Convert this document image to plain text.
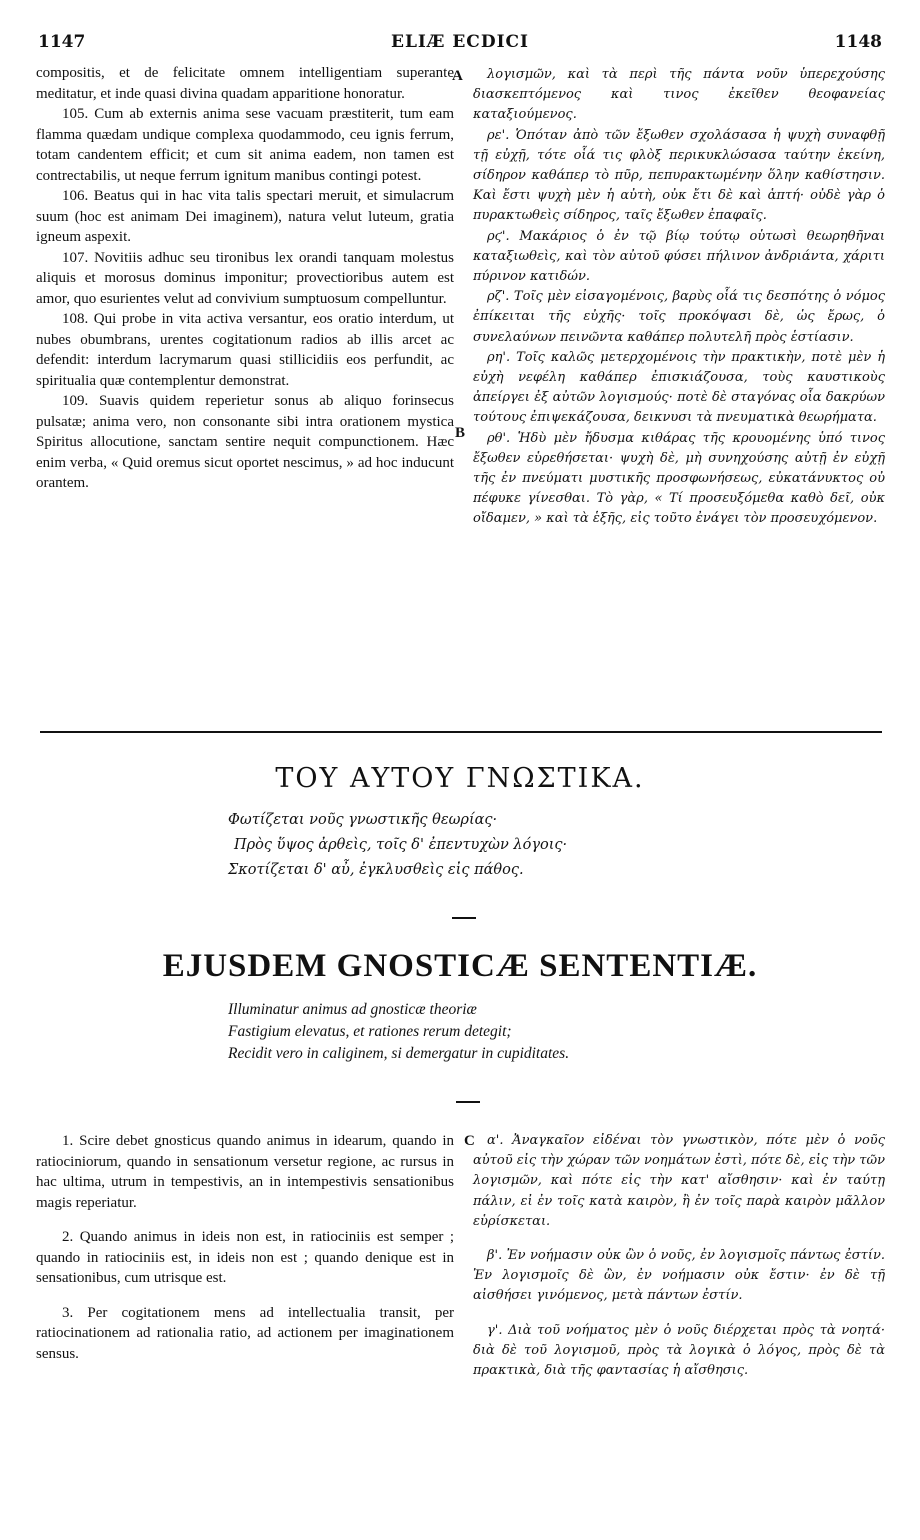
1147	ELIÆ ECDICI	1148

compositis, et de felicitate omnem intelligentiam superante meditatur, et inde quasi divina quadam apparitione honoratur.

105. Cum ab externis anima sese vacuam præstiterit, tum eam flamma quædam undique complexa quodammodo, ceu ignis ferrum, totam candentem efficit; et cum sit anima eadem, non tamen est contrectabilis, ut neque ferrum ignitum manibus contingi potest.

106. Beatus qui in hac vita talis spectari meruit, et simulacrum suum (hoc est animam Dei imaginem), natura velut luteum, gratia igneum aspexit.

107. Novitiis adhuc seu tironibus lex orandi tanquam molestus aliquis et morosus dominus imponitur; provectioribus autem est amor, quo esurientes velut ad convivium sumptuosum compelluntur.

108. Qui probe in vita activa versantur, eos oratio interdum, ut nubes obumbrans, urentes cogitationum radios ab illis arcet ac defendit: interdum lacrymarum quasi stillicidiis eos perfundit, ac spiritualia quæ contemplentur demonstrat.

109. Suavis quidem reperietur sonus ab aliquo forinsecus pulsatæ; anima vero, non consonante sibi intra orationem mystica Spiritus allocutione, sanctam sentire nequit compunctionem. Hæc enim verba, « Quid oremus sicut oportet nescimus, » ad hoc inducunt orantem.

A
B

λογισμῶν, καὶ τὰ περὶ τῆς πάντα νοῦν ὑπερεχούσης διασκεπτόμενος καὶ τινος ἐκεῖθεν θεοφανείας καταξιούμενος.

ρε'. Ὁπόταν ἀπὸ τῶν ἔξωθεν σχολάσασα ἡ ψυχὴ συναφθῇ τῇ εὐχῇ, τότε οἷά τις φλὸξ περικυκλώσασα ταύτην ἐκείνη, σίδηρον καθάπερ τὸ πῦρ, πεπυρακτωμένην ὅλην καθίστησιν. Καὶ ἔστι ψυχὴ μὲν ἡ αὐτὴ, οὐκ ἔτι δὲ καὶ ἁπτή· οὐδὲ γὰρ ὁ πυρακτωθεὶς σίδηρος, ταῖς ἔξωθεν ἐπαφαῖς.

ρϛ'. Μακάριος ὁ ἐν τῷ βίῳ τούτῳ οὑτωσὶ θεωρηθῆναι καταξιωθεὶς, καὶ τὸν αὐτοῦ φύσει πήλινον ἀνδριάντα, χάριτι πύρινον κατιδών.

ρζ'. Τοῖς μὲν εἰσαγομένοις, βαρὺς οἷά τις δεσπότης ὁ νόμος ἐπίκειται τῆς εὐχῆς· τοῖς προκόψασι δὲ, ὡς ἔρως, ὁ συνελαύνων πεινῶντα καθάπερ πολυτελῆ πρὸς ἑστίασιν.

ρη'. Τοῖς καλῶς μετερχομένοις τὴν πρακτικὴν, ποτὲ μὲν ἡ εὐχὴ νεφέλη καθάπερ ἐπισκιάζουσα, τοὺς καυστικοὺς ἀπείργει ἐξ αὐτῶν λογισμούς· ποτὲ δὲ σταγόνας οἷα δακρύων τούτους ἐπιψεκάζουσα, δεικνυσι τὰ πνευματικὰ θεωρήματα.

ρθ'. Ἡδὺ μὲν ἤδυσμα κιθάρας τῆς κρουομένης ὑπό τινος ἔξωθεν εὑρεθήσεται· ψυχὴ δὲ, μὴ συνηχούσης αὐτῇ ἐν εὐχῇ τῆς ἐν πνεύματι μυστικῆς προσφωνήσεως, εὐκατάνυκτος οὐ πέφυκε γίνεσθαι. Τὸ γὰρ, « Τί προσευξόμεθα καθὸ δεῖ, οὐκ οἴδαμεν, » καὶ τὰ ἑξῆς, εἰς τοῦτο ἐνάγει τὸν προσευχόμενον.

ΤΟΥ ΑΥΤΟΥ ΓΝΩΣΤΙΚΑ.
Φωτίζεται νοῦς γνωστικῆς θεωρίας·
Πρὸς ὕψος ἀρθεὶς, τοῖς δ' ἐπεντυχὼν λόγοις·
Σκοτίζεται δ' αὖ, ἐγκλυσθεὶς εἰς πάθος.
EJUSDEM GNOSTICÆ SENTENTIÆ.
Illuminatur animus ad gnosticæ theoriæ
Fastigium elevatus, et rationes rerum detegit;
Recidit vero in caliginem, si demergatur in cupiditates.

1. Scire debet gnosticus quando animus in idearum, quando in ratiociniorum, quando in sensationum versetur regione, ac rursus in hac ultima, utrum in tempestivis, an in intempestivis sensationibus magis reperiatur.

2. Quando animus in ideis non est, in ratiociniis est semper ; quando in ratiociniis est, in ideis non est ; quando denique est in sensationibus, cum utrisque est.

3. Per cogitationem mens ad intellectualia transit, per ratiocinationem ad rationalia ratio, ad actionem per imaginationem sensus.

C α'. Ἀναγκαῖον εἰδέναι τὸν γνωστικὸν, πότε μὲν ὁ νοῦς αὐτοῦ εἰς τὴν χώραν τῶν νοημάτων ἐστὶ, πότε δὲ, εἰς τὴν τῶν λογισμῶν, καὶ πότε εἰς τὴν κατ' αἴσθησιν· καὶ ἐν ταύτῃ πάλιν, εἰ ἐν τοῖς κατὰ καιρὸν, ἢ ἐν τοῖς παρὰ καιρὸν μᾶλλον εὑρίσκεται.

β'. Ἐν νοήμασιν οὐκ ὢν ὁ νοῦς, ἐν λογισμοῖς πάντως ἐστίν. Ἐν λογισμοῖς δὲ ὢν, ἐν νοήμασιν οὐκ ἔστιν· ἐν δὲ τῇ αἰσθήσει γινόμενος, μετὰ πάντων ἐστίν.

γ'. Διὰ τοῦ νοήματος μὲν ὁ νοῦς διέρχεται πρὸς τὰ νοητά· διὰ δὲ τοῦ λογισμοῦ, πρὸς τὰ λογικὰ ὁ λόγος, πρὸς δὲ τὰ πρακτικὰ, διὰ τῆς φαντασίας ἡ αἴσθησις.
